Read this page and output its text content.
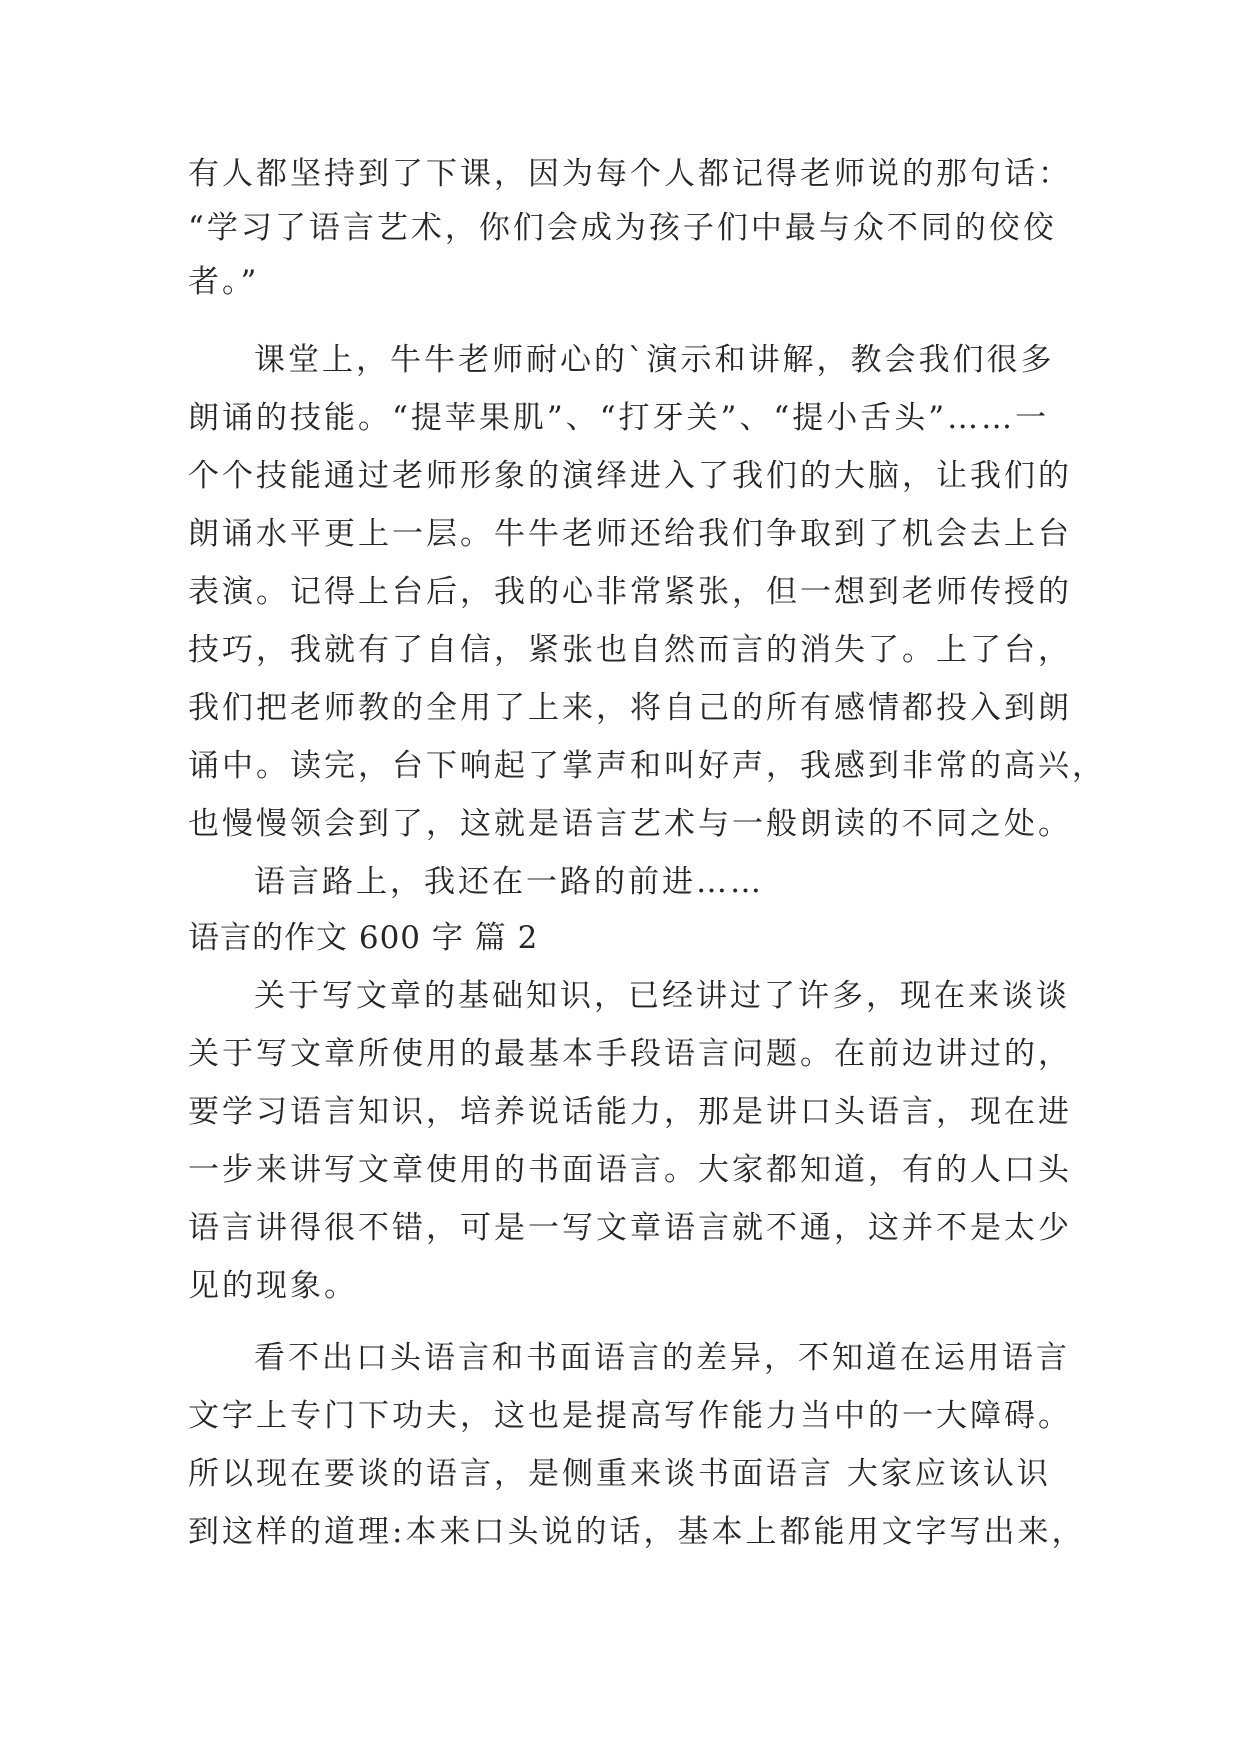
有人都坚持到了下课，因为每个人都记得老师说的那句话：
“学习了语言艺术，你们会成为孩子们中最与众不同的佼佼
者。”
课堂上，牛牛老师耐心的`演示和讲解，教会我们很多
朗诵的技能。“提苹果肌”、“打牙关”、“提小舌头”……一
个个技能通过老师形象的演绎进入了我们的大脑，让我们的
朗诵水平更上一层。牛牛老师还给我们争取到了机会去上台
表演。记得上台后，我的心非常紧张，但一想到老师传授的
技巧，我就有了自信，紧张也自然而言的消失了。上了台，
我们把老师教的全用了上来，将自己的所有感情都投入到朗
诵中。读完，台下响起了掌声和叫好声，我感到非常的高兴，
也慢慢领会到了，这就是语言艺术与一般朗读的不同之处。
语言路上，我还在一路的前进……
语言的作文 600 字 篇 2
关于写文章的基础知识，已经讲过了许多，现在来谈谈
关于写文章所使用的最基本手段语言问题。在前边讲过的，
要学习语言知识，培养说话能力，那是讲口头语言，现在进
一步来讲写文章使用的书面语言。大家都知道，有的人口头
语言讲得很不错，可是一写文章语言就不通，这并不是太少
见的现象。
看不出口头语言和书面语言的差异，不知道在运用语言
文字上专门下功夫，这也是提高写作能力当中的一大障碍。
所以现在要谈的语言，是侧重来谈书面语言 大家应该认识
到这样的道理:本来口头说的话，基本上都能用文字写出来，
